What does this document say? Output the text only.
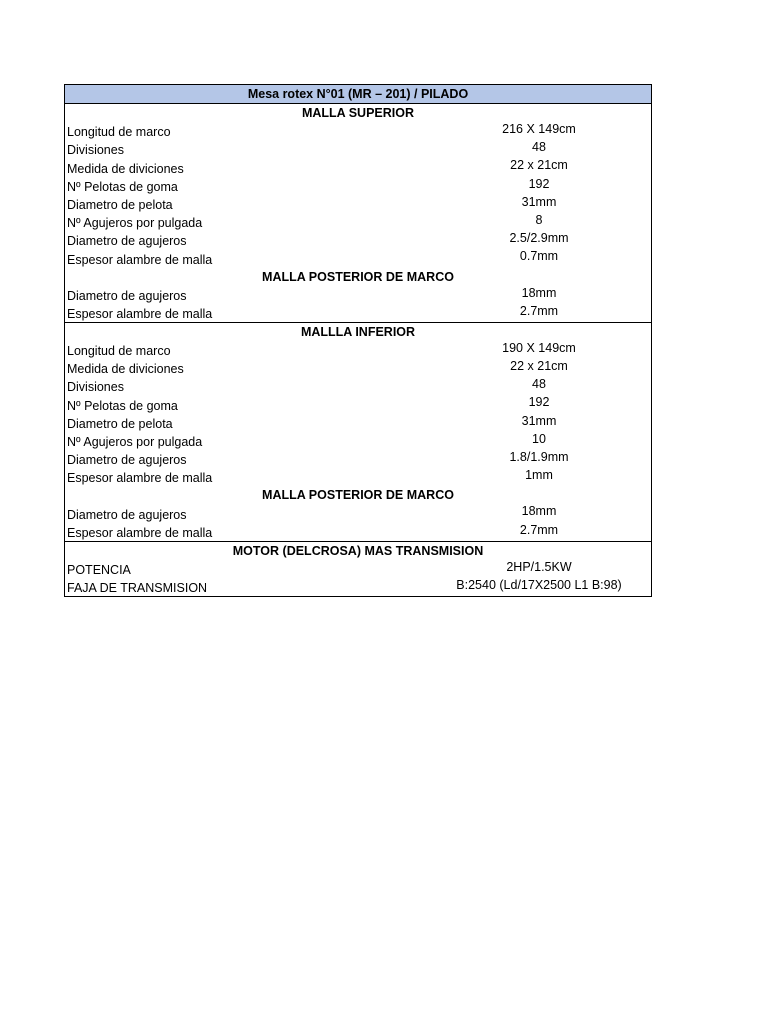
Mesa rotex N°01 (MR – 201) / PILADO
MALLA SUPERIOR
Longitud de marco	216 X 149cm
Divisiones	48
Medida de diviciones	22 x 21cm
Nº Pelotas de goma	192
Diametro de pelota	31mm
Nº Agujeros por pulgada	8
Diametro de agujeros	2.5/2.9mm
Espesor alambre de malla	0.7mm
MALLA POSTERIOR DE MARCO
Diametro de agujeros	18mm
Espesor alambre de malla	2.7mm
MALLLA INFERIOR
Longitud de marco	190 X 149cm
Medida de diviciones	22 x 21cm
Divisiones	48
Nº Pelotas de goma	192
Diametro de pelota	31mm
Nº Agujeros por pulgada	10
Diametro de agujeros	1.8/1.9mm
Espesor alambre de malla	1mm
MALLA POSTERIOR DE MARCO
Diametro de agujeros	18mm
Espesor alambre de malla	2.7mm
MOTOR (DELCROSA) MAS TRANSMISION
POTENCIA	2HP/1.5KW
FAJA DE TRANSMISION	B:2540 (Ld/17X2500 L1 B:98)
